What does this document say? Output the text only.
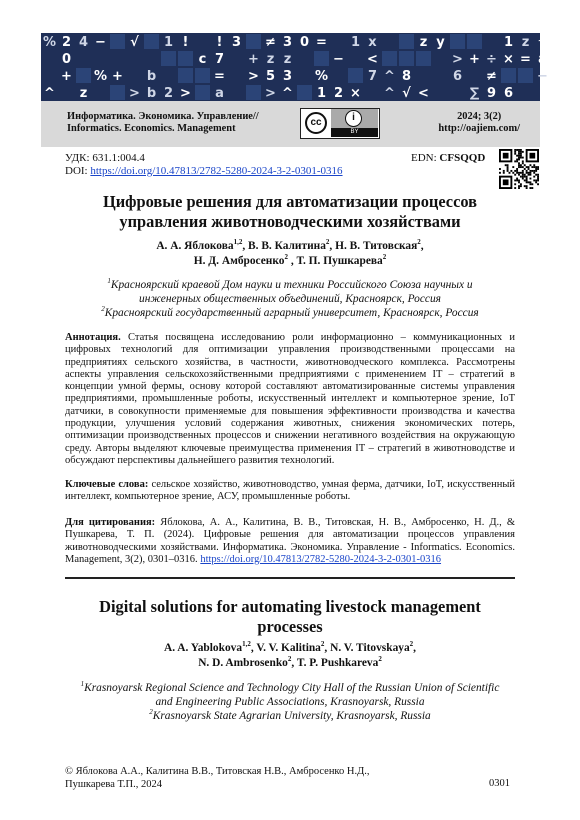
% 2 4 − √ 1 ! ! 3 ≠ 3 0 = 1 x	z y	1 z √
0	c 7 + z z	− <	> + ÷ × = a
+ % + b	= > 5 3 %	7 ^ 8	6 ≠	−
^ z	> b 2 > a	> ^ 1 2 × ^ √ <	∑ 9 6
Информатика. Экономика. Управление//
Informatics. Economics. Management
cc	i
BY
2024; 3(2)
http://oajiem.com/
УДК: 631.1:004.4
DOI: https://doi.org/10.47813/2782-5280-2024-3-2-0301-0316
EDN: CFSQQD
Цифровые решения для автоматизации процессов
управления животноводческими хозяйствами
А. А. Яблокова$^{1,2}$, В. В. Калитина$^2$, Н. В. Титовская$^2$,
Н. Д. Амбросенко$^2$ , Т. П. Пушкарева$^2$
$^1$Красноярский краевой Дом науки и техники Российского Союза научных и
инженерных общественных объединений, Красноярск, Россия
$^2$Красноярский государственный аграрный университет, Красноярск, Россия
Аннотация. Статья посвящена исследованию роли информационно – коммуникационных и цифровых технологий для оптимизации управления производственными процессами на предприятиях сельского хозяйства, в частности, животноводческого комплекса. Рассмотрены аспекты управления сельскохозяйственными предприятиями с применением IT – стратегий в концепции умной фермы, основу которой составляют автоматизированные системы управления предприятиями, промышленные роботы, искусственный интеллект и компьютерное зрение, IoT датчики, в совокупности применяемые для повышения эффективности производства и качества продукции, улучшения условий содержания животных, снижения экономических потерь, оптимизации производственных процессов и снижении негативного воздействия на окружающую среду. Авторы выделяют ключевые преимущества применения IT – стратегий в животноводстве и обсуждают перспективы дальнейшего развития технологий.
Ключевые слова: сельское хозяйство, животноводство, умная ферма, датчики, IoT, искусственный интеллект, компьютерное зрение, АСУ, промышленные роботы.
Для цитирования: Яблокова, А. А., Калитина, В. В., Титовская, Н. В., Амбросенко, Н. Д., & Пушкарева, Т. П. (2024). Цифровые решения для автоматизации процессов управления животноводческими хозяйствами. Информатика. Экономика. Управление - Informatics. Economics. Management, 3(2), 0301–0316. https://doi.org/10.47813/2782-5280-2024-3-2-0301-0316
Digital solutions for automating livestock management
processes
A. A. Yablokova$^{1,2}$, V. V. Kalitina$^2$, N. V. Titovskaya$^2$,
N. D. Ambrosenko$^2$, T. P. Pushkareva$^2$
$^1$Krasnoyarsk Regional Science and Technology City Hall of the Russian Union of Scientific
and Engineering Public Associations, Krasnoyarsk, Russia
$^2$Krasnoyarsk State Agrarian University, Krasnoyarsk, Russia
© Яблокова А.А., Калитина В.В., Титовская Н.В., Амбросенко Н.Д.,
Пушкарева Т.П., 2024	0301
